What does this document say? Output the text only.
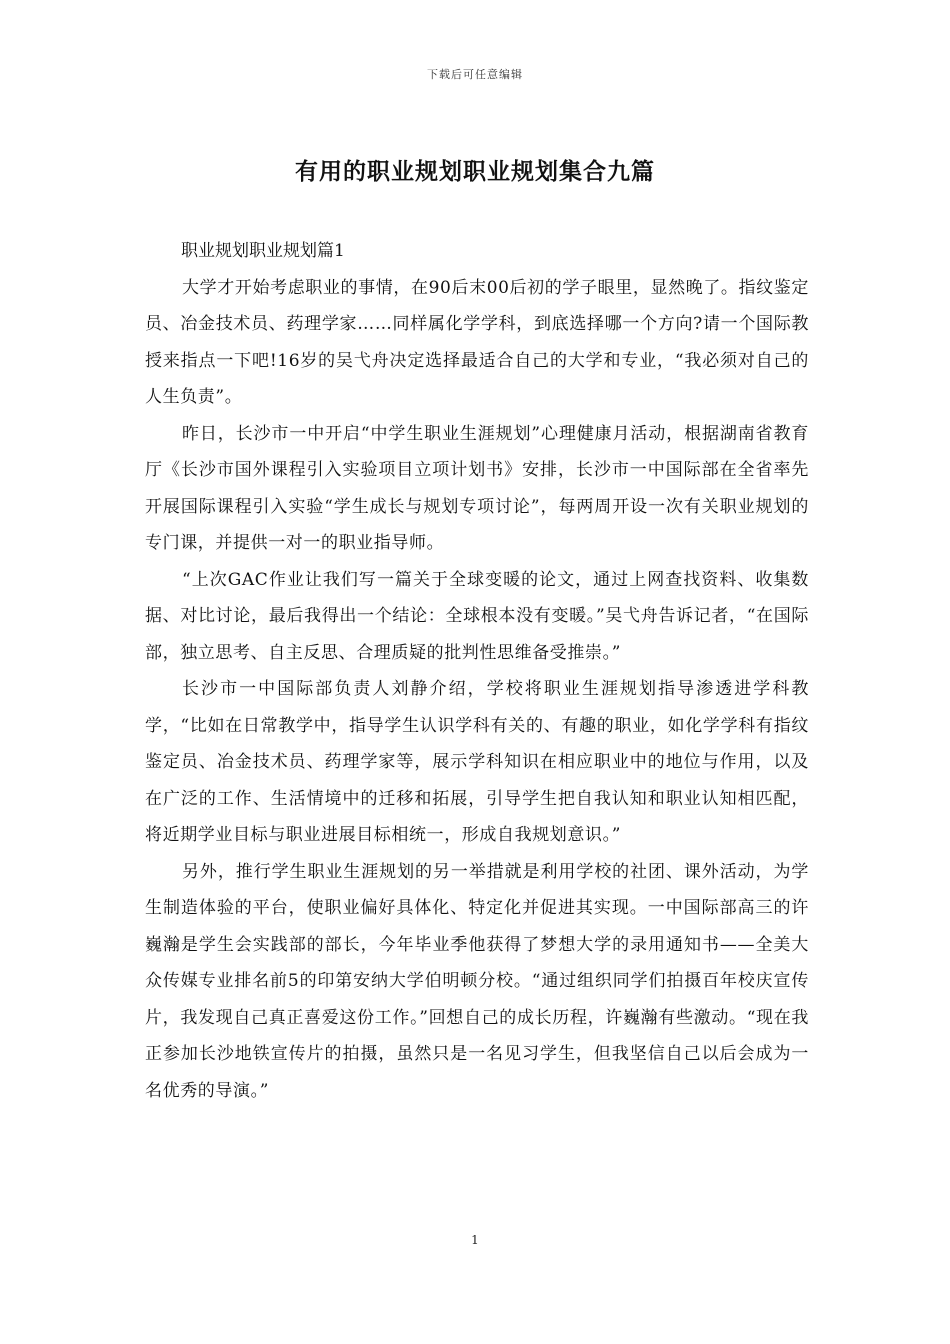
下载后可任意编辑
有用的职业规划职业规划集合九篇

职业规划职业规划篇1

大学才开始考虑职业的事情，在90后末00后初的学子眼里，显然晚了。指纹鉴定员、冶金技术员、药理学家……同样属化学学科，到底选择哪一个方向?请一个国际教授来指点一下吧!16岁的吴弋舟决定选择最适合自己的大学和专业，“我必须对自己的人生负责”。

昨日，长沙市一中开启“中学生职业生涯规划”心理健康月活动，根据湖南省教育厅《长沙市国外课程引入实验项目立项计划书》安排，长沙市一中国际部在全省率先开展国际课程引入实验“学生成长与规划专项讨论”，每两周开设一次有关职业规划的专门课，并提供一对一的职业指导师。

“上次GAC作业让我们写一篇关于全球变暖的论文，通过上网查找资料、收集数据、对比讨论，最后我得出一个结论：全球根本没有变暖。”吴弋舟告诉记者，“在国际部，独立思考、自主反思、合理质疑的批判性思维备受推崇。”

长沙市一中国际部负责人刘静介绍，学校将职业生涯规划指导渗透进学科教学，“比如在日常教学中，指导学生认识学科有关的、有趣的职业，如化学学科有指纹鉴定员、冶金技术员、药理学家等，展示学科知识在相应职业中的地位与作用，以及在广泛的工作、生活情境中的迁移和拓展，引导学生把自我认知和职业认知相匹配，将近期学业目标与职业进展目标相统一，形成自我规划意识。”

另外，推行学生职业生涯规划的另一举措就是利用学校的社团、课外活动，为学生制造体验的平台，使职业偏好具体化、特定化并促进其实现。一中国际部高三的许巍瀚是学生会实践部的部长，今年毕业季他获得了梦想大学的录用通知书——全美大众传媒专业排名前5的印第安纳大学伯明顿分校。“通过组织同学们拍摄百年校庆宣传片，我发现自己真正喜爱这份工作。”回想自己的成长历程，许巍瀚有些激动。“现在我正参加长沙地铁宣传片的拍摄，虽然只是一名见习学生，但我坚信自己以后会成为一名优秀的导演。”

1
